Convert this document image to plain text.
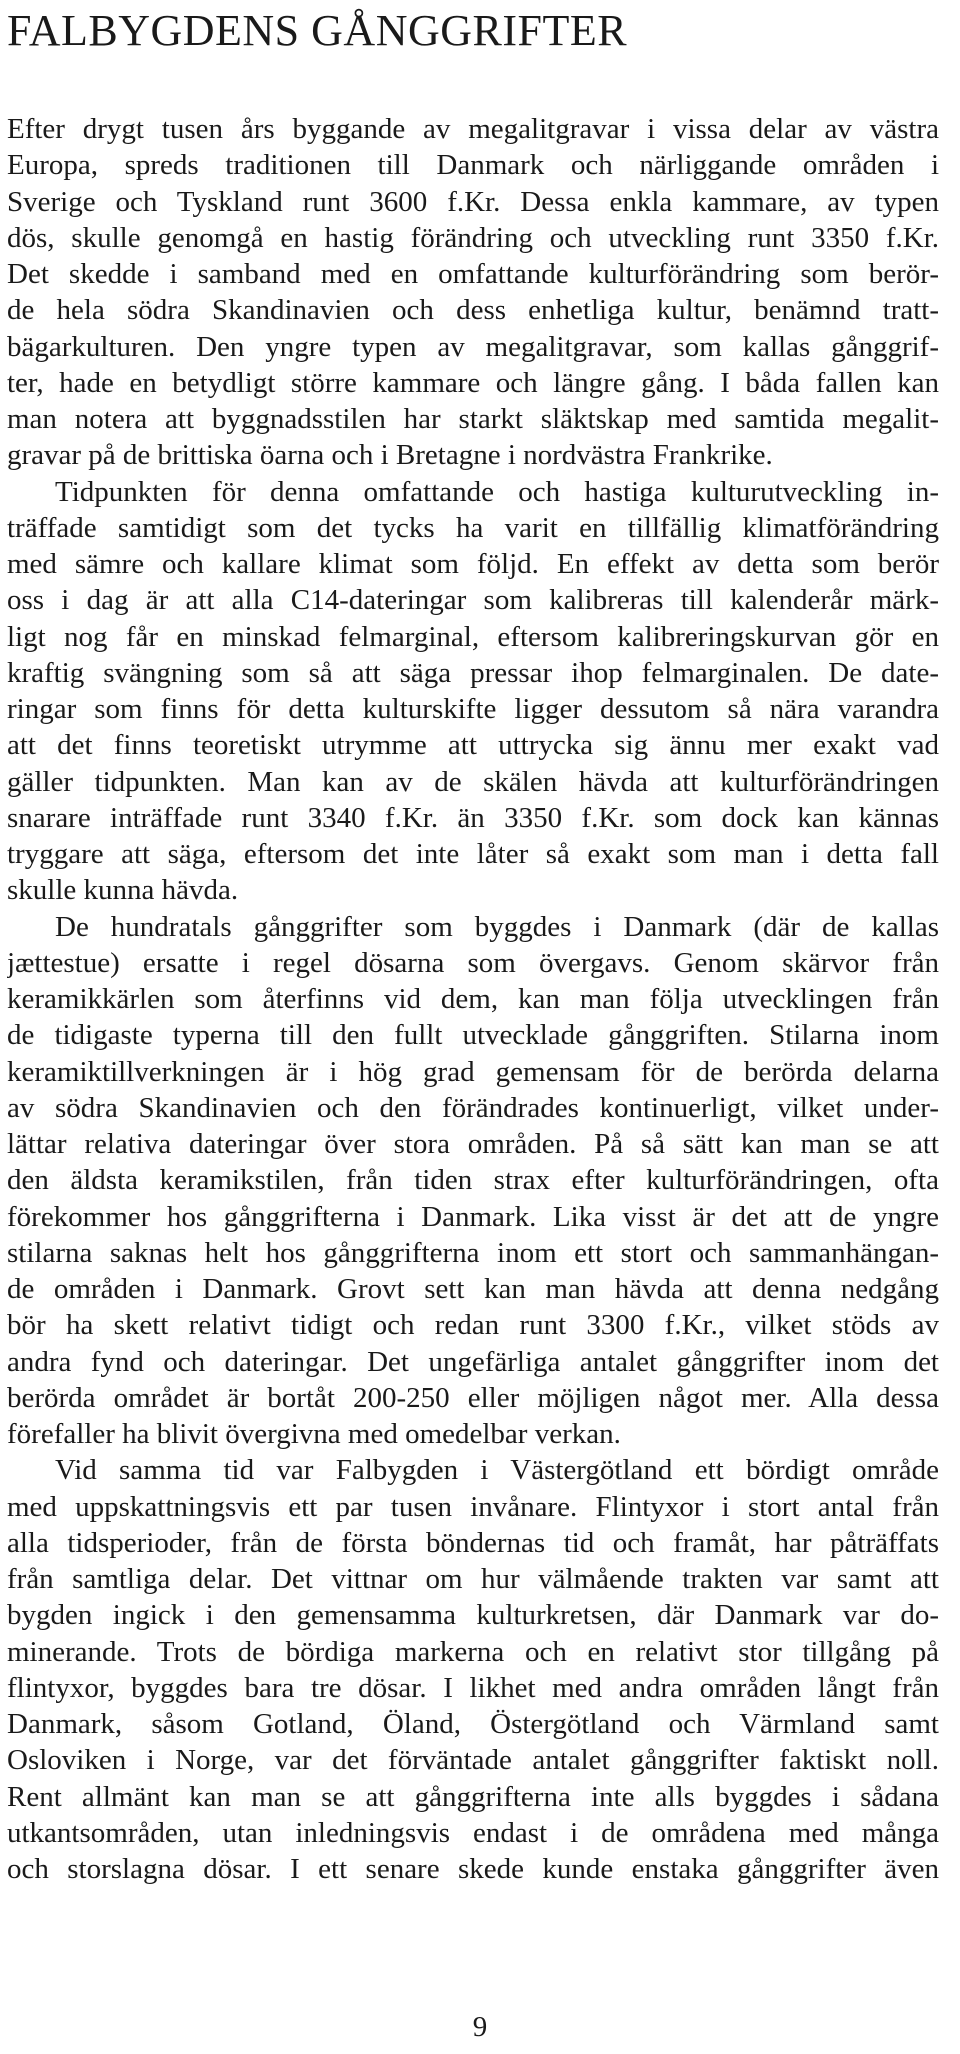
FALBYGDENS GÅNGGRIFTER
Efter drygt tusen års byggande av megalitgravar i vissa delar av västra
Europa, spreds traditionen till Danmark och närliggande områden i
Sverige och Tyskland runt 3600 f.Kr. Dessa enkla kammare, av typen
dös, skulle genomgå en hastig förändring och utveckling runt 3350 f.Kr.
Det skedde i samband med en omfattande kulturförändring som berör-
de hela södra Skandinavien och dess enhetliga kultur, benämnd tratt-
bägarkulturen. Den yngre typen av megalitgravar, som kallas gånggrif-
ter, hade en betydligt större kammare och längre gång. I båda fallen kan
man notera att byggnadsstilen har starkt släktskap med samtida megalit-
gravar på de brittiska öarna och i Bretagne i nordvästra Frankrike.
Tidpunkten för denna omfattande och hastiga kulturutveckling in-
träffade samtidigt som det tycks ha varit en tillfällig klimatförändring
med sämre och kallare klimat som följd. En effekt av detta som berör
oss i dag är att alla C14-dateringar som kalibreras till kalenderår märk-
ligt nog får en minskad felmarginal, eftersom kalibreringskurvan gör en
kraftig svängning som så att säga pressar ihop felmarginalen. De date-
ringar som finns för detta kulturskifte ligger dessutom så nära varandra
att det finns teoretiskt utrymme att uttrycka sig ännu mer exakt vad
gäller tidpunkten. Man kan av de skälen hävda att kulturförändringen
snarare inträffade runt 3340 f.Kr. än 3350 f.Kr. som dock kan kännas
tryggare att säga, eftersom det inte låter så exakt som man i detta fall
skulle kunna hävda.
De hundratals gånggrifter som byggdes i Danmark (där de kallas
jættestue) ersatte i regel dösarna som övergavs. Genom skärvor från
keramikkärlen som återfinns vid dem, kan man följa utvecklingen från
de tidigaste typerna till den fullt utvecklade gånggriften. Stilarna inom
keramiktillverkningen är i hög grad gemensam för de berörda delarna
av södra Skandinavien och den förändrades kontinuerligt, vilket under-
lättar relativa dateringar över stora områden. På så sätt kan man se att
den äldsta keramikstilen, från tiden strax efter kulturförändringen, ofta
förekommer hos gånggrifterna i Danmark. Lika visst är det att de yngre
stilarna saknas helt hos gånggrifterna inom ett stort och sammanhängan-
de områden i Danmark. Grovt sett kan man hävda att denna nedgång
bör ha skett relativt tidigt och redan runt 3300 f.Kr., vilket stöds av
andra fynd och dateringar. Det ungefärliga antalet gånggrifter inom det
berörda området är bortåt 200-250 eller möjligen något mer. Alla dessa
förefaller ha blivit övergivna med omedelbar verkan.
Vid samma tid var Falbygden i Västergötland ett bördigt område
med uppskattningsvis ett par tusen invånare. Flintyxor i stort antal från
alla tidsperioder, från de första böndernas tid och framåt, har påträffats
från samtliga delar. Det vittnar om hur välmående trakten var samt att
bygden ingick i den gemensamma kulturkretsen, där Danmark var do-
minerande. Trots de bördiga markerna och en relativt stor tillgång på
flintyxor, byggdes bara tre dösar. I likhet med andra områden långt från
Danmark, såsom Gotland, Öland, Östergötland och Värmland samt
Osloviken i Norge, var det förväntade antalet gånggrifter faktiskt noll.
Rent allmänt kan man se att gånggrifterna inte alls byggdes i sådana
utkantsområden, utan inledningsvis endast i de områdena med många
och storslagna dösar. I ett senare skede kunde enstaka gånggrifter även

9
